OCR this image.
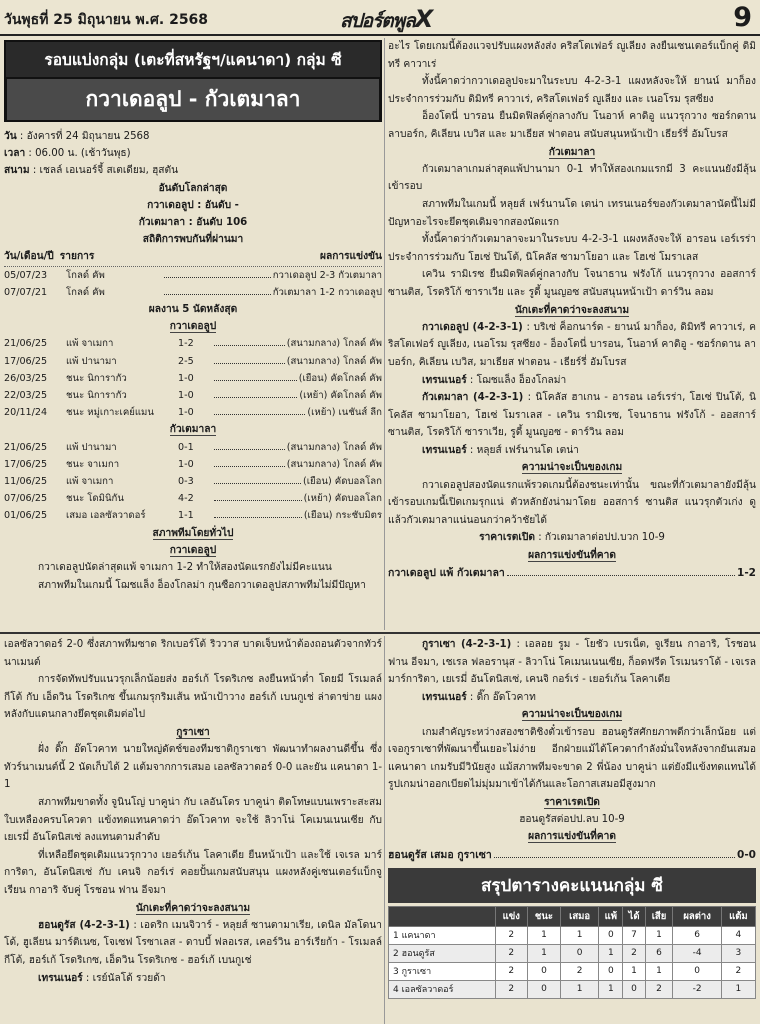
วันพุธที่ 25 มิถุนายน พ.ศ. 2568	สปอร์ตพูลX	9
รอบแบ่งกลุ่ม (เตะที่สหรัฐฯ/แคนาดา) กลุ่ม ซี
กวาเดอลูป - กัวเตมาลา
วัน : อังคารที่ 24 มิถุนายน 2568
เวลา : 06.00 น. (เช้าวันพุธ)
สนาม : เชลล์ เอเนอร์จี้ สเตเดียม, ฮุสตัน
อันดับโลกล่าสุด
กวาเดอลูป : อันดับ -
กัวเตมาลา : อันดับ 106
สถิติการพบกันที่ผ่านมา
วัน/เดือน/ปี รายการ	ผลการแข่งขัน
05/07/23	โกลด์ คัพ	กวาเดอลูป 2-3 กัวเตมาลา
07/07/21	โกลด์ คัพ	กัวเตมาลา 1-2 กวาเดอลูป
ผลงาน 5 นัดหลังสุด
กวาเดอลูป
21/06/25	แพ้ จาเมกา	1-2	(สนามกลาง) โกลด์ คัพ
17/06/25	แพ้ ปานามา	2-5	(สนามกลาง) โกลด์ คัพ
26/03/25	ชนะ นิการากัว	1-0	(เยือน) คัดโกลด์ คัพ
22/03/25	ชนะ นิการากัว	1-0	(เหย้า) คัดโกลด์ คัพ
20/11/24	ชนะ หมู่เกาะเคย์แมน	1-0	(เหย้า) เนชันส์ ลีก
กัวเตมาลา
21/06/25	แพ้ ปานามา	0-1	(สนามกลาง) โกลด์ คัพ
17/06/25	ชนะ จาเมกา	1-0	(สนามกลาง) โกลด์ คัพ
11/06/25	แพ้ จาเมกา	0-3	(เยือน) คัดบอลโลก
07/06/25	ชนะ โดมินิกัน	4-2	(เหย้า) คัดบอลโลก
01/06/25	เสมอ เอลซัลวาดอร์	1-1	(เยือน) กระชับมิตร
สภาพทีมโดยทั่วไป
กวาเดอลูป
กวาเดอลูปนัดล่าสุดแพ้ จาเมกา 1-2 ทำให้สองนัดแรกยังไม่มีคะแนน
สภาพทีมในเกมนี้ โฌชแล็ง อ็องโกลม่า กุนซือกวาเดอลูปสภาพทีมไม่มีปัญหา
อะไร โดยเกมนี้ต้องแวจปรับแผงหลังส่ง คริสโตเฟอร์ ญูเลียง ลงยืนเซนเตอร์แบ็กคู่ ดิมิทรี คาวาเร่
ทั้งนี้คาดว่ากวาเดอลูปจะมาในระบบ 4-2-3-1 แผงหลังจะให้ ยานน์ มาก็อง ประจำการร่วมกับ ดิมิทรี คาวาเร่, คริสโตเฟอร์ ญูเลียง และ เนอโรม รุสซียง
อ็องโตนี่ บารอน ยืนมิดฟิลด์คู่กลางกับ โนอาห์ คาดิอู แนวรุกวาง ซอร์กดาน ลาบอร์ก, คิเลียน เบวิส และ มาเธียส ฟาตอน สนับสนุนหน้าเป้า เธียร์รี่ อัมโบรส
กัวเตมาลา
กัวเตมาลาเกมล่าสุดแพ้ปานามา 0-1 ทำให้สองเกมแรกมี 3 คะแนนยังมีลุ้นเข้ารอบ
สภาพทีมในเกมนี้ หลุยส์ เฟร์นานโด เตน่า เทรนเนอร์ของกัวเตมาลานัดนี้ไม่มีปัญหาอะไรจะยึดชุดเดิมจากสองนัดแรก
ทั้งนี้คาดว่ากัวเตมาลาจะมาในระบบ 4-2-3-1 แผงหลังจะให้ อารอน เอร์เรร่า ประจำการร่วมกับ โฮเซ่ ปินโต้, นิโคลัส ซามาโยอา และ โฮเซ่ โมราเลส
เควิน รามิเรซ ยืนมิดฟิลด์คู่กลางกับ โจนาธาน ฟรังโก้ แนวรุกวาง ออสการ์ ซานติส, โรดริโก้ ซาราเวีย และ รูดี้ มูนญอซ สนับสนุนหน้าเป้า ดาร์วิน ลอม
นักเตะที่คาดว่าจะลงสนาม
กวาเดอลูป (4-2-3-1) : บริเซ่ ค็อกนาร์ด - ยานน์ มาก็อง, ดิมิทรี คาวาเร่, คริสโตเฟอร์ ญูเลียง, เนอโรม รุสซียง - อ็องโตนี่ บารอน, โนอาห์ คาดิอู - ซอร์กดาน ลาบอร์ก, คิเลียน เบวิส, มาเธียส ฟาตอน - เธียร์รี่ อัมโบรส
เทรนเนอร์ : โฌชแล็ง อ็องโกลม่า
กัวเตมาลา (4-2-3-1) : นิโคลัส ฮาเกน - อารอน เอร์เรร่า, โฮเซ่ ปินโต้, นิโคลัส ซามาโยอา, โฮเซ่ โมราเลส - เควิน รามิเรซ, โจนาธาน ฟรังโก้ - ออสการ์ ซานติส, โรดริโก้ ซาราเวีย, รูดี้ มูนญอซ - ดาร์วิน ลอม
เทรนเนอร์ : หลุยส์ เฟร์นานโด เตน่า
ความน่าจะเป็นของเกม
กวาเดอลูปสองนัดแรกแพ้รวดเกมนี้ต้องชนะเท่านั้น ขณะที่กัวเตมาลายังมีลุ้นเข้ารอบเกมนี้เปิดเกมรุกแน่ ตัวหลักยังน่ามาโดย ออสการ์ ซานติส แนวรุกตัวเก่ง ดูแล้วกัวเตมาลาแน่นอนกว่าคว้าชัยได้
ราคาเรตเปิด : กัวเตมาลาต่อปป.บวก 10-9
ผลการแข่งขันที่คาด
กวาเดอลูป แพ้ กัวเตมาลา	1-2
เอลซัลวาดอร์ 2-0 ซึ่งสภาพทีมซาด ริกเบอร์โต้ ริววาส บาดเจ็บหน้าต้องถอนตัวจากทัวร์นาเมนต์
การจัดทัพปรับแนวรุกเล็กน้อยส่ง ฮอร์เก้ โรดริเกซ ลงยืนหน้าต่ำ โดยมี โรเมลล์ กีโต้ กับ เอ็ดวิน โรดริเกซ ขึ้นเกมรุกริมเส้น หน้าเป้าวาง ฮอร์เก้ เบนกูเช่ ล่าตาข่าย แผงหลังกับแดนกลางยึดชุดเดิมต่อไป
กูราเซา
ฝั่ง ดิ๊ก อ๊ดโวคาท นายใหญ่ดัตช์ของทีมชาติกูราเซา พัฒนาทำผลงานดีขึ้น ซึ่งทัวร์นาเมนต์นี้ 2 นัดเก็บได้ 2 แต้มจากการเสมอ เอลซัลวาดอร์ 0-0 และยัน แคนาดา 1-1
สภาพทีมขาดทั้ง จูนินโญ่ บาคูน่า กับ เลอันโดร บาคูน่า ติดโทษแบนเพราะสะสมใบเหลืองครบโควตา แข้งทดแทนคาดว่า อ๊ดโวคาท จะใช้ ลิวาโน่ โคเมนเนนเซีย กับ เยเรมี่ อันโตนิสเซ่ ลงแทนตามลำดับ
ที่เหลือยึดชุดเดิมแนวรุกวาง เยอร์เก้น โลคาเดีย ยืนหน้าเป้า และใช้ เจเรล มาร์การิตา, อันโตนิสเซ่ กับ เคนจิ กอร์เร่ คอยปั้นเกมสนับสนุน แผงหลังคู่เซนเตอร์แบ็กจูเรียน กาอาริ จับคู่ โรชอน ฟาน อีจมา
นักเตะที่คาดว่าจะลงสนาม
ฮอนดูรัส (4-2-3-1) : เอดริก เมนจิวาร์ - หลุยส์ ซานตามาเรีย, เดนิล มัลโดนาโด้, ฮูเลียน มาร์ติเนซ, โจเซฟ โรซาเลส - ดาบบี้ ฟลอเรส, เคอร์วิน อาร์เรียก้า - โรเมลล์ กีโต้, ฮอร์เก้ โรดริเกซ, เอ็ดวิน โรดริเกซ - ฮอร์เก้ เบนกูเช่
เทรนเนอร์ : เรย์นัลโด้ รวยด้า
กูราเซา (4-2-3-1) : เอลอย รูม - โยชัว เบรเน็ต, จูเรียน กาอาริ, โรชอน ฟาน อีจมา, เชเรล ฟลอรานุส - ลิวาโน่ โคเมนเนนเซีย, ก็อดฟรีด โรเมนราโด้ - เจเรล มาร์การิตา, เยเรมี่ อันโตนิสเซ่, เคนจิ กอร์เร่ - เยอร์เก้น โลคาเดีย
เทรนเนอร์ : ดิ๊ก อ๊ดโวคาท
ความน่าจะเป็นของเกม
เกมสำคัญระหว่างสองชาติชิงตั๋วเข้ารอบ ฮอนดูรัสศักยภาพดีกว่าเล็กน้อย แต่เจอกูราเซาที่พัฒนาขึ้นเยอะไม่ง่าย อีกฝ่ายแม้ได้โควตากำลังมั่นใจหลังจากยันเสมอแคนาดา เกมรับมีวินัยสูง แม้สภาพทีมจะขาด 2 พี่น้อง บาคูน่า แต่ยังมีแข้งทดแทนได้ รูปเกมน่าออกเบียดไม่มุ่มมาเข้าได้กันและโอกาสเสมอมีสูงมาก
ราคาเรตเปิด
ฮอนดูรัสต่อปป.ลบ 10-9
ผลการแข่งขันที่คาด
ฮอนดูรัส เสมอ กูราเซา	0-0
สรุปตารางคะแนนกลุ่ม ซี
	แข่ง	ชนะ	เสมอ	แพ้	ได้	เสีย	ผลต่าง	แต้ม
1 แคนาดา	2	1	1	0	7	1	6	4
2 ฮอนดูรัส	2	1	0	1	2	6	-4	3
3 กูราเซา	2	0	2	0	1	1	0	2
4 เอลซัลวาดอร์	2	0	1	1	0	2	-2	1
